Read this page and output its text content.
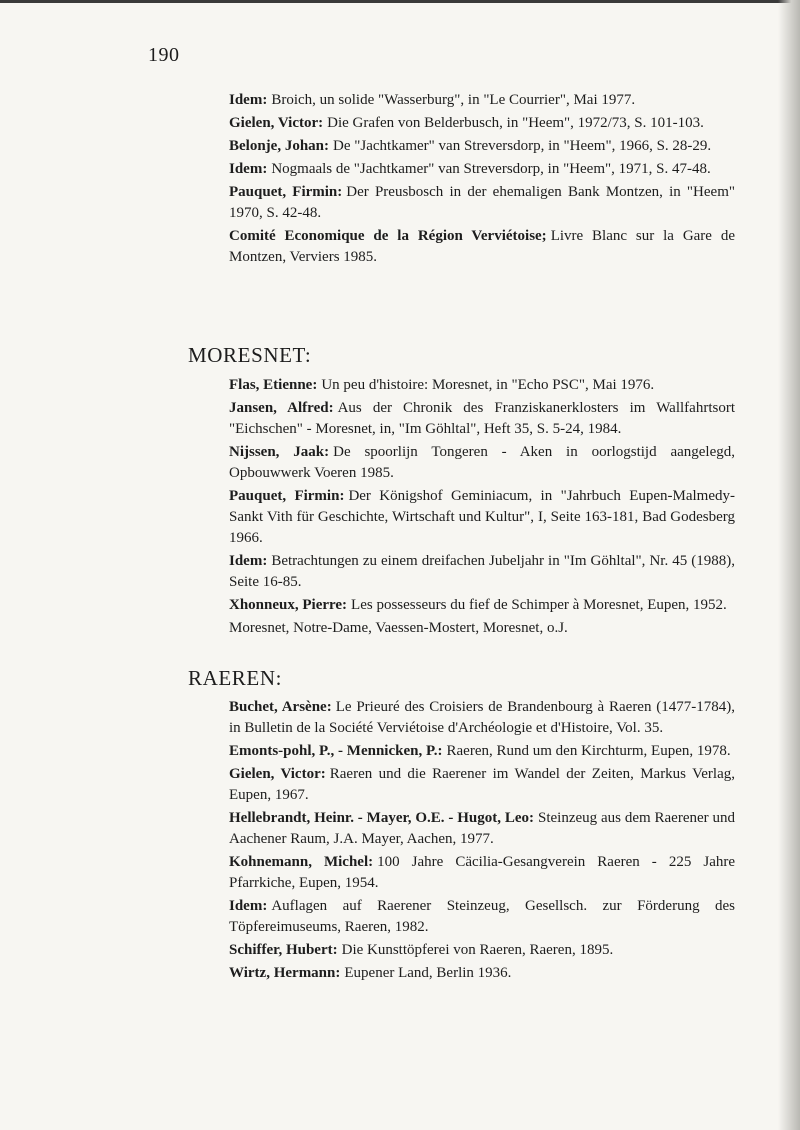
190
Idem: Broich, un solide "Wasserburg", in "Le Courrier", Mai 1977.
Gielen, Victor: Die Grafen von Belderbusch, in "Heem", 1972/73, S. 101-103.
Belonje, Johan: De "Jachtkamer" van Streversdorp, in "Heem", 1966, S. 28-29.
Idem: Nogmaals de "Jachtkamer" van Streversdorp, in "Heem", 1971, S. 47-48.
Pauquet, Firmin: Der Preusbosch in der ehemaligen Bank Montzen, in "Heem" 1970, S. 42-48.
Comité Economique de la Région Verviétoise; Livre Blanc sur la Gare de Montzen, Verviers 1985.
MORESNET:
Flas, Etienne: Un peu d'histoire: Moresnet, in "Echo PSC", Mai 1976.
Jansen, Alfred: Aus der Chronik des Franziskanerklosters im Wallfahrtsort "Eichschen" - Moresnet, in, "Im Göhltal", Heft 35, S. 5-24, 1984.
Nijssen, Jaak: De spoorlijn Tongeren - Aken in oorlogstijd aangelegd, Opbouwwerk Voeren 1985.
Pauquet, Firmin: Der Königshof Geminiacum, in "Jahrbuch Eupen-Malmedy-Sankt Vith für Geschichte, Wirtschaft und Kultur", I, Seite 163-181, Bad Godesberg 1966.
Idem: Betrachtungen zu einem dreifachen Jubeljahr in "Im Göhltal", Nr. 45 (1988), Seite 16-85.
Xhonneux, Pierre: Les possesseurs du fief de Schimper à Moresnet, Eupen, 1952.
Moresnet, Notre-Dame, Vaessen-Mostert, Moresnet, o.J.
RAEREN:
Buchet, Arsène: Le Prieuré des Croisiers de Brandenbourg à Raeren (1477-1784), in Bulletin de la Société Verviétoise d'Archéologie et d'Histoire, Vol. 35.
Emonts-pohl, P., - Mennicken, P.: Raeren, Rund um den Kirchturm, Eupen, 1978.
Gielen, Victor: Raeren und die Raerener im Wandel der Zeiten, Markus Verlag, Eupen, 1967.
Hellebrandt, Heinr. - Mayer, O.E. - Hugot, Leo: Steinzeug aus dem Raerener und Aachener Raum, J.A. Mayer, Aachen, 1977.
Kohnemann, Michel: 100 Jahre Cäcilia-Gesangverein Raeren - 225 Jahre Pfarrkiche, Eupen, 1954.
Idem: Auflagen auf Raerener Steinzeug, Gesellsch. zur Förderung des Töpfereimuseums, Raeren, 1982.
Schiffer, Hubert: Die Kunsttöpferei von Raeren, Raeren, 1895.
Wirtz, Hermann: Eupener Land, Berlin 1936.
